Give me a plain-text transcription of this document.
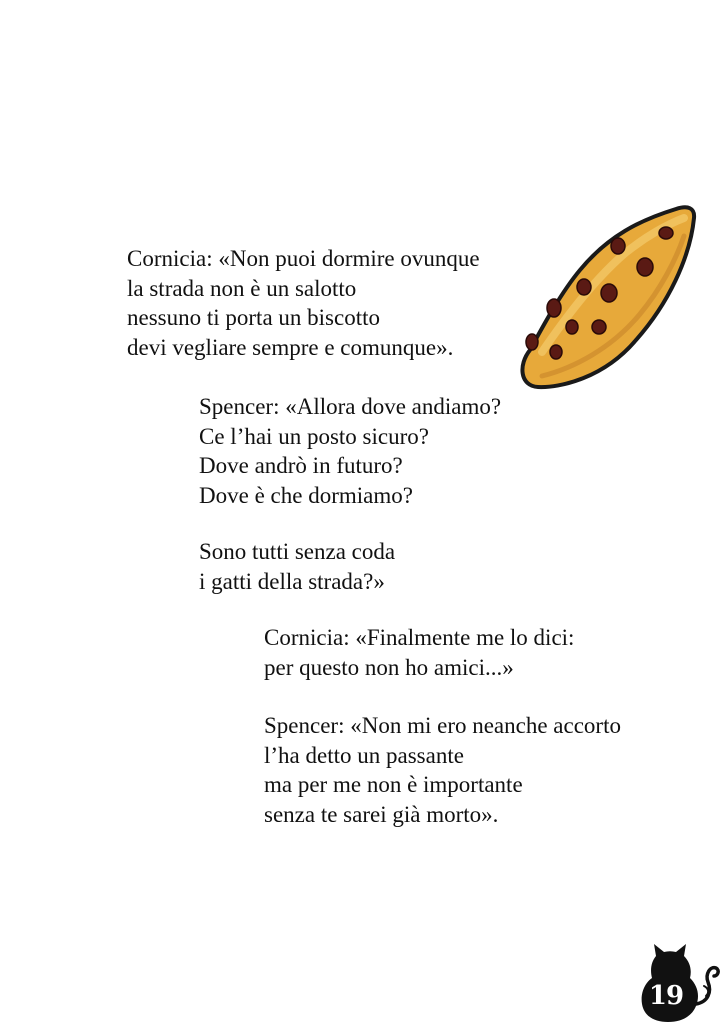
Cornicia: «Non puoi dormire ovunque
la strada non è un salotto
nessuno ti porta un biscotto
devi vegliare sempre e comunque».
Spencer: «Allora dove andiamo?
Ce l’hai un posto sicuro?
Dove andrò in futuro?
Dove è che dormiamo?
Sono tutti senza coda
i gatti della strada?»
Cornicia: «Finalmente me lo dici:
per questo non ho amici...»
Spencer: «Non mi ero neanche accorto
l’ha detto un passante
ma per me non è importante
senza te sarei già morto».
19
